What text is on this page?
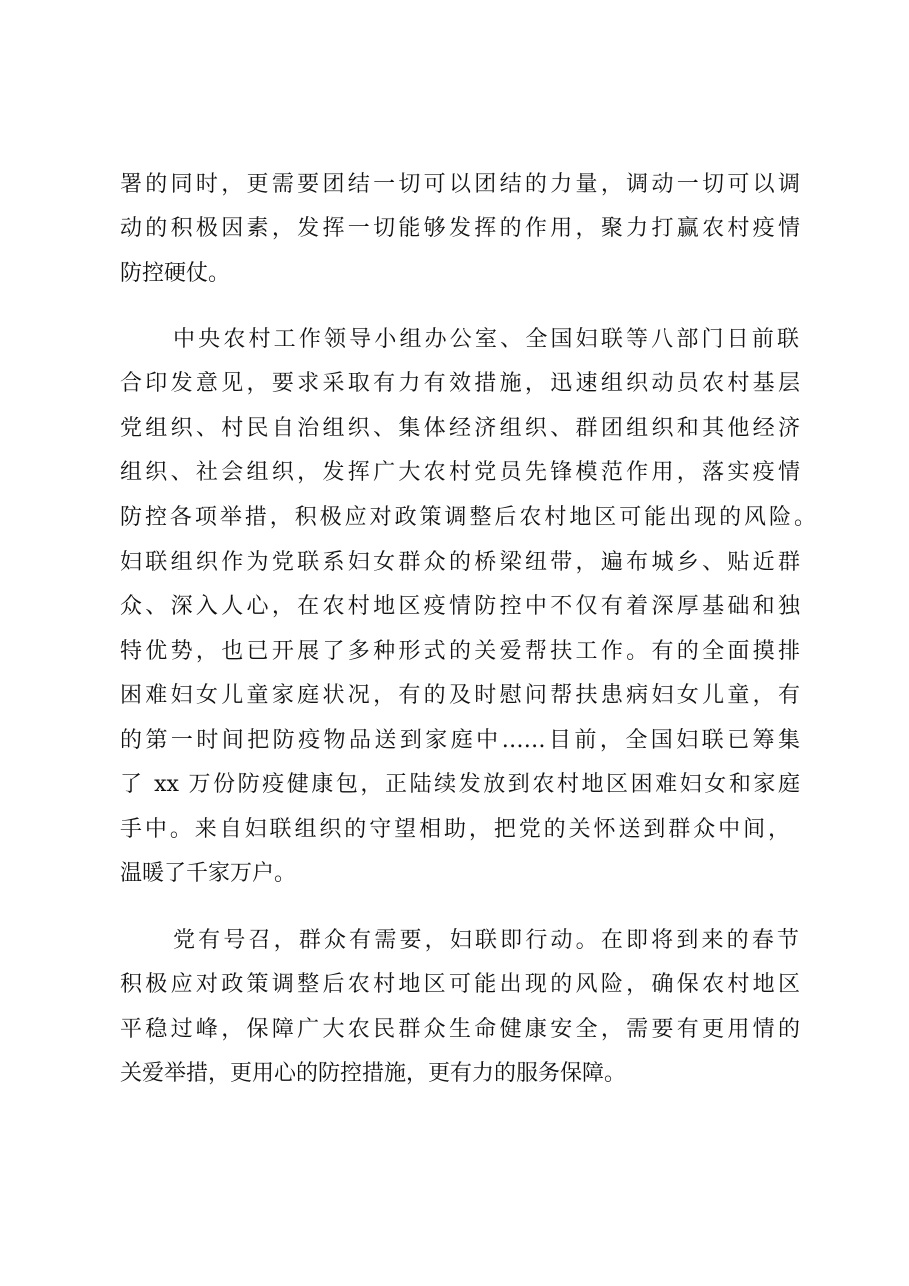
署的同时，更需要团结一切可以团结的力量，调动一切可以调
动的积极因素，发挥一切能够发挥的作用，聚力打赢农村疫情
防控硬仗。
中央农村工作领导小组办公室、全国妇联等八部门日前联
合印发意见，要求采取有力有效措施，迅速组织动员农村基层
党组织、村民自治组织、集体经济组织、群团组织和其他经济
组织、社会组织，发挥广大农村党员先锋模范作用，落实疫情
防控各项举措，积极应对政策调整后农村地区可能出现的风险。
妇联组织作为党联系妇女群众的桥梁纽带，遍布城乡、贴近群
众、深入人心，在农村地区疫情防控中不仅有着深厚基础和独
特优势，也已开展了多种形式的关爱帮扶工作。有的全面摸排
困难妇女儿童家庭状况，有的及时慰问帮扶患病妇女儿童，有
的第一时间把防疫物品送到家庭中……目前，全国妇联已筹集
了 xx 万份防疫健康包，正陆续发放到农村地区困难妇女和家庭
手中。来自妇联组织的守望相助，把党的关怀送到群众中间，
温暖了千家万户。
党有号召，群众有需要，妇联即行动。在即将到来的春节
积极应对政策调整后农村地区可能出现的风险，确保农村地区
平稳过峰，保障广大农民群众生命健康安全，需要有更用情的
关爱举措，更用心的防控措施，更有力的服务保障。
